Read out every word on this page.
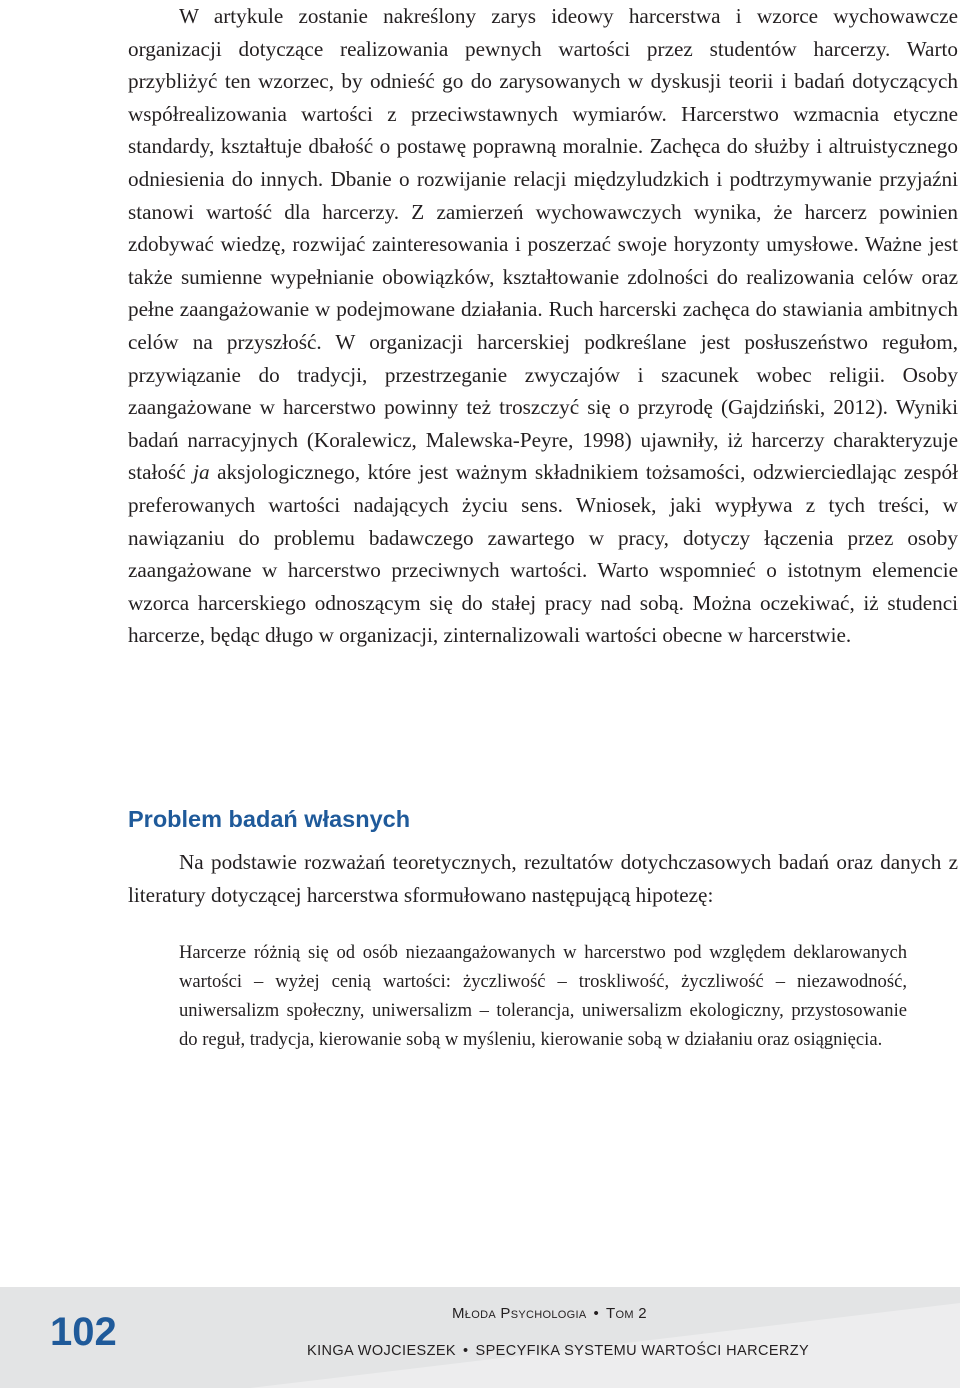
W artykule zostanie nakreślony zarys ideowy harcerstwa i wzorce wychowawcze organizacji dotyczące realizowania pewnych wartości przez studentów harcerzy. Warto przybliżyć ten wzorzec, by odnieść go do zarysowanych w dyskusji teorii i badań dotyczących współrealizowania wartości z przeciwstawnych wymiarów. Harcerstwo wzmacnia etyczne standardy, kształtuje dbałość o postawę poprawną moralnie. Zachęca do służby i altruistycznego odniesienia do innych. Dbanie o rozwijanie relacji międzyludzkich i podtrzymywanie przyjaźni stanowi wartość dla harcerzy. Z zamierzeń wychowawczych wynika, że harcerz powinien zdobywać wiedzę, rozwijać zainteresowania i poszerzać swoje horyzonty umysłowe. Ważne jest także sumienne wypełnianie obowiązków, kształtowanie zdolności do realizowania celów oraz pełne zaangażowanie w podejmowane działania. Ruch harcerski zachęca do stawiania ambitnych celów na przyszłość. W organizacji harcerskiej podkreślane jest posłuszeństwo regułom, przywiązanie do tradycji, przestrzeganie zwyczajów i szacunek wobec religii. Osoby zaangażowane w harcerstwo powinny też troszczyć się o przyrodę (Gajdziński, 2012). Wyniki badań narracyjnych (Koralewicz, Malewska-Peyre, 1998) ujawniły, iż harcerzy charakteryzuje stałość ja aksjologicznego, które jest ważnym składnikiem tożsamości, odzwierciedlając zespół preferowanych wartości nadających życiu sens. Wniosek, jaki wypływa z tych treści, w nawiązaniu do problemu badawczego zawartego w pracy, dotyczy łączenia przez osoby zaangażowane w harcerstwo przeciwnych wartości. Warto wspomnieć o istotnym elemencie wzorca harcerskiego odnoszącym się do stałej pracy nad sobą. Można oczekiwać, iż studenci harcerze, będąc długo w organizacji, zinternalizowali wartości obecne w harcerstwie.

Problem badań własnych

Na podstawie rozważań teoretycznych, rezultatów dotychczasowych badań oraz danych z literatury dotyczącej harcerstwa sformułowano następującą hipotezę:

Harcerze różnią się od osób niezaangażowanych w harcerstwo pod względem deklarowanych wartości – wyżej cenią wartości: życzliwość – troskliwość, życzliwość – niezawodność, uniwersalizm społeczny, uniwersalizm – tolerancja, uniwersalizm ekologiczny, przystosowanie do reguł, tradycja, kierowanie sobą w myśleniu, kierowanie sobą w działaniu oraz osiągnięcia.

102	Młoda Psychologia • Tom 2
KINGA WOJCIESZEK • SPECYFIKA SYSTEMU WARTOŚCI HARCERZY
